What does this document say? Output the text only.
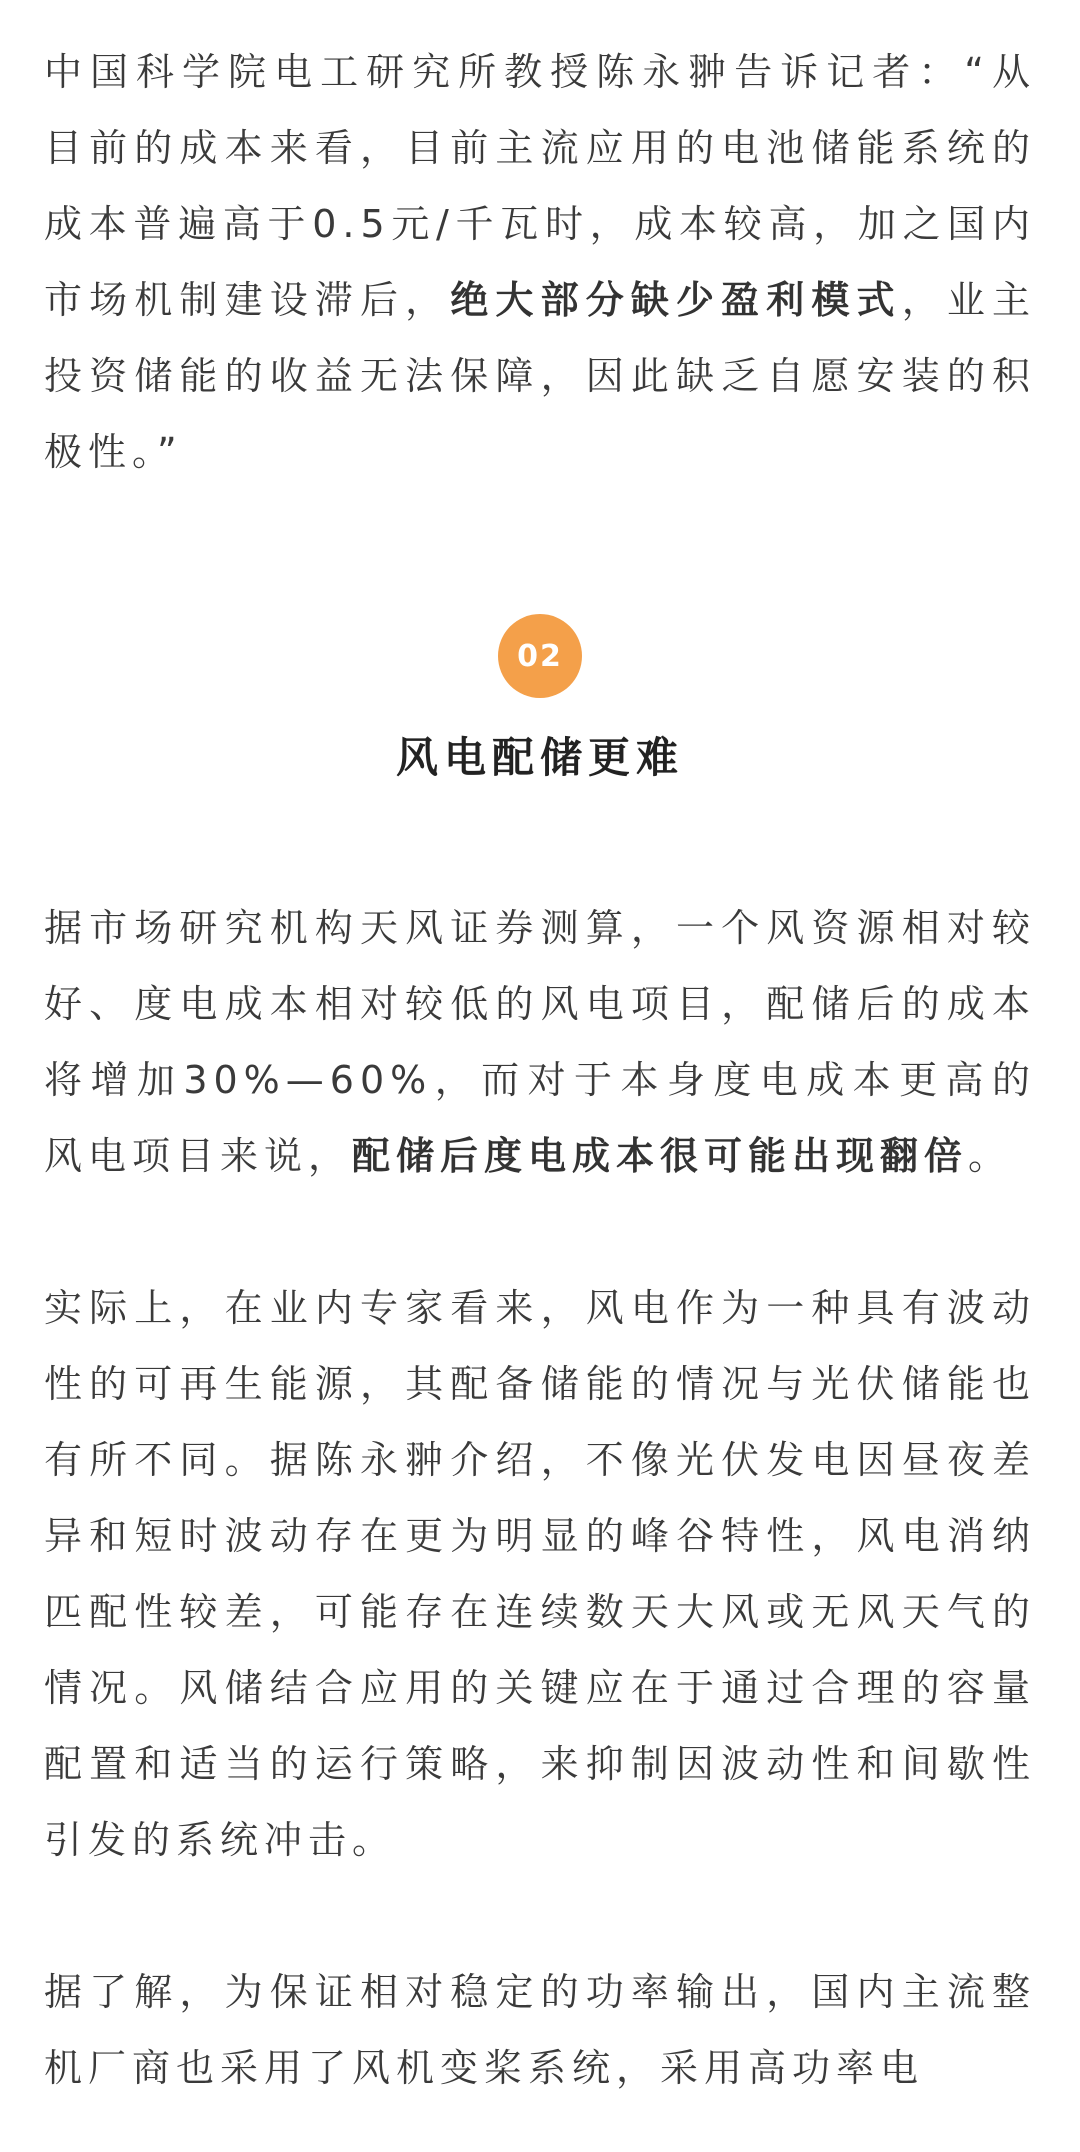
中国科学院电工研究所教授陈永翀告诉记者：“从目前的成本来看，目前主流应用的电池储能系统的成本普遍高于0.5元/千瓦时，成本较高，加之国内市场机制建设滞后，绝大部分缺少盈利模式，业主投资储能的收益无法保障，因此缺乏自愿安装的积极性。”

02
风电配储更难

据市场研究机构天风证券测算，一个风资源相对较好、度电成本相对较低的风电项目，配储后的成本将增加30%—60%，而对于本身度电成本更高的风电项目来说，配储后度电成本很可能出现翻倍。

实际上，在业内专家看来，风电作为一种具有波动性的可再生能源，其配备储能的情况与光伏储能也有所不同。据陈永翀介绍，不像光伏发电因昼夜差异和短时波动存在更为明显的峰谷特性，风电消纳匹配性较差，可能存在连续数天大风或无风天气的情况。风储结合应用的关键应在于通过合理的容量配置和适当的运行策略，来抑制因波动性和间歇性引发的系统冲击。

据了解，为保证相对稳定的功率输出，国内主流整机厂商也采用了风机变桨系统，采用高功率电
